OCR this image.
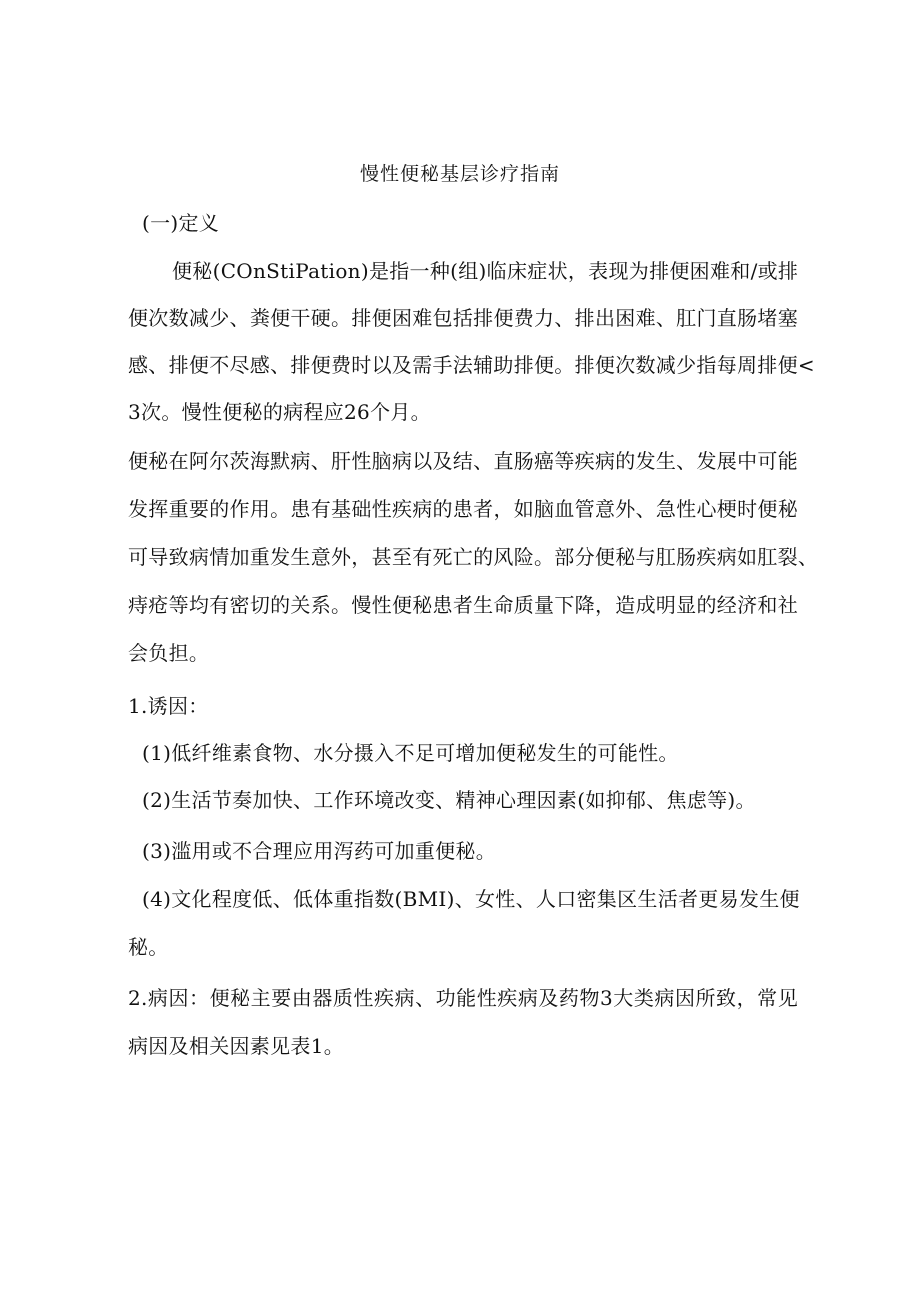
慢性便秘基层诊疗指南
(一)定义
便秘(COnStiPation)是指一种(组)临床症状，表现为排便困难和/或排
便次数减少、粪便干硬。排便困难包括排便费力、排出困难、肛门直肠堵塞
感、排便不尽感、排便费时以及需手法辅助排便。排便次数减少指每周排便<
3次。慢性便秘的病程应26个月。
便秘在阿尔茨海默病、肝性脑病以及结、直肠癌等疾病的发生、发展中可能
发挥重要的作用。患有基础性疾病的患者，如脑血管意外、急性心梗时便秘
可导致病情加重发生意外，甚至有死亡的风险。部分便秘与肛肠疾病如肛裂、
痔疮等均有密切的关系。慢性便秘患者生命质量下降，造成明显的经济和社
会负担。
1.诱因：
(1)低纤维素食物、水分摄入不足可增加便秘发生的可能性。
(2)生活节奏加快、工作环境改变、精神心理因素(如抑郁、焦虑等)。
(3)滥用或不合理应用泻药可加重便秘。
(4)文化程度低、低体重指数(BMI)、女性、人口密集区生活者更易发生便
秘。
2.病因：便秘主要由器质性疾病、功能性疾病及药物3大类病因所致，常见
病因及相关因素见表1。
